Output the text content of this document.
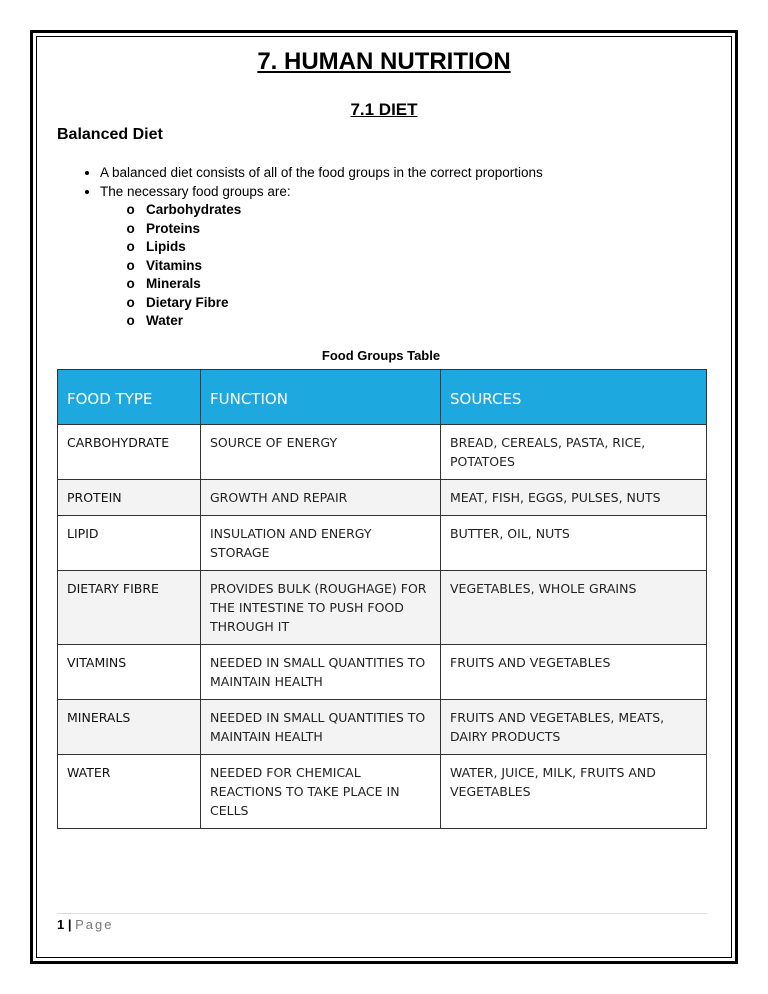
7. HUMAN NUTRITION
7.1 DIET
Balanced Diet
• A balanced diet consists of all of the food groups in the correct proportions
• The necessary food groups are:
o Carbohydrates
o Proteins
o Lipids
o Vitamins
o Minerals
o Dietary Fibre
o Water
Food Groups Table
FOOD TYPE	FUNCTION	SOURCES
CARBOHYDRATE	SOURCE OF ENERGY	BREAD, CEREALS, PASTA, RICE, POTATOES
PROTEIN	GROWTH AND REPAIR	MEAT, FISH, EGGS, PULSES, NUTS
LIPID	INSULATION AND ENERGY STORAGE	BUTTER, OIL, NUTS
DIETARY FIBRE	PROVIDES BULK (ROUGHAGE) FOR THE INTESTINE TO PUSH FOOD THROUGH IT	VEGETABLES, WHOLE GRAINS
VITAMINS	NEEDED IN SMALL QUANTITIES TO MAINTAIN HEALTH	FRUITS AND VEGETABLES
MINERALS	NEEDED IN SMALL QUANTITIES TO MAINTAIN HEALTH	FRUITS AND VEGETABLES, MEATS, DAIRY PRODUCTS
WATER	NEEDED FOR CHEMICAL REACTIONS TO TAKE PLACE IN CELLS	WATER, JUICE, MILK, FRUITS AND VEGETABLES
1 | Page
